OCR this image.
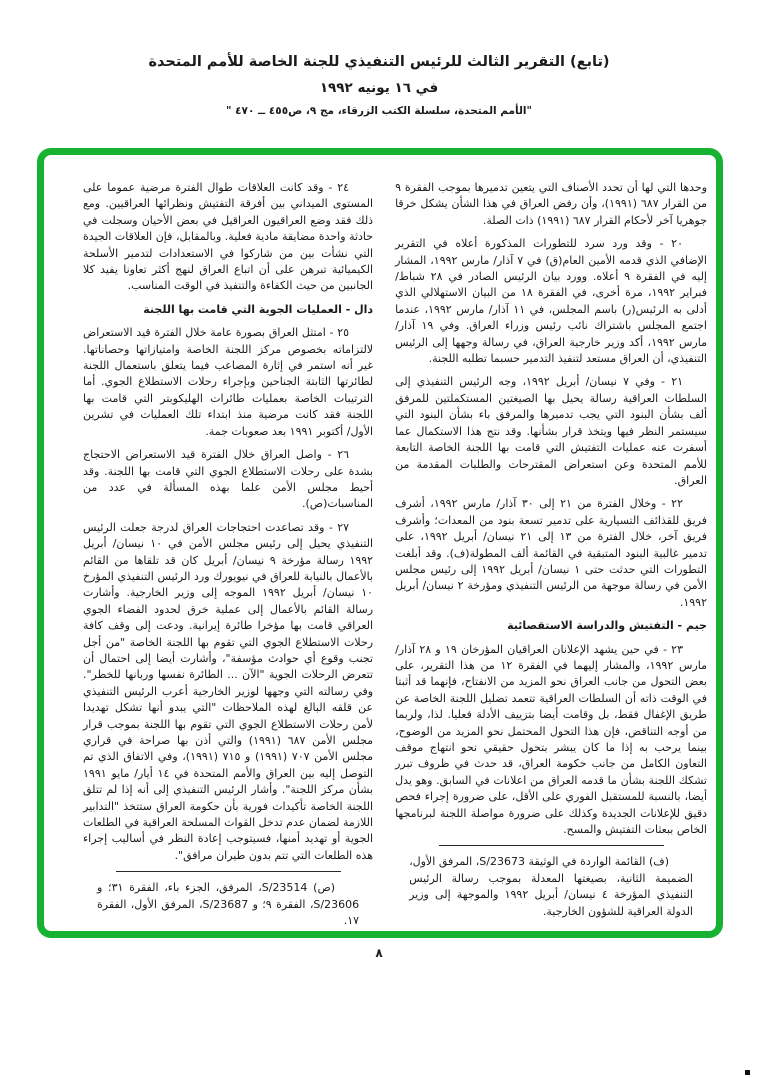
(تابع) التقرير الثالث للرئيس التنفيذي للجنة الخاصة للأمم المتحدة
في ١٦ يونيه ١٩٩٢
"الأمم المتحدة، سلسلة الكتب الزرقاء، مج ٩، ص٤٥٥ ــ ٤٧٠ "

وحدها التي لها أن تحدد الأصناف التي يتعين تدميرها بموجب الفقرة ٩ من القرار ٦٨٧ (١٩٩١)، وأن رفض العراق في هذا الشأن يشكل خرقا جوهريا آخر لأحكام القرار ٦٨٧ (١٩٩١) ذات الصلة.

٢٠ - وقد ورد سرد للتطورات المذكورة أعلاه في التقرير الإضافي الذي قدمه الأمين العام(ق) في ٧ آذار/ مارس ١٩٩٢، المشار إليه في الفقرة ٩ أعلاه. وورد بيان الرئيس الصادر في ٢٨ شباط/ فبراير ١٩٩٢، مرة أخرى، في الفقرة ١٨ من البيان الاستهلالي الذي أدلى به الرئيس(ر) باسم المجلس، في ١١ آذار/ مارس ١٩٩٢، عندما اجتمع المجلس باشتراك نائب رئيس وزراء العراق. وفي ١٩ آذار/ مارس ١٩٩٢، أكد وزير خارجية العراق، في رسالة وجهها إلى الرئيس التنفيذي، أن العراق مستعد لتنفيذ التدمير حسبما تطلبه اللجنة.

٢١ - وفي ٧ نيسان/ أبريل ١٩٩٢، وجه الرئيس التنفيذي إلى السلطات العراقية رسالة يحيل بها الصيغتين المستكملتين للمرفق ألف بشأن البنود التي يجب تدميرها والمرفق باء بشأن البنود التي سيستمر النظر فيها ويتخذ قرار بشأنها. وقد نتج هذا الاستكمال عما أسفرت عنه عمليات التفتيش التي قامت بها اللجنة الخاصة التابعة للأمم المتحدة وعن استعراض المقترحات والطلبات المقدمة من العراق.

٢٢ - وخلال الفترة من ٢١ إلى ٣٠ آذار/ مارس ١٩٩٢، أشرف فريق للقذائف التسيارية على تدمير تسعة بنود من المعدات؛ وأشرف فريق آخر، خلال الفترة من ١٣ إلى ٢١ نيسان/ أبريل ١٩٩٢، على تدمير غالبية البنود المتبقية في القائمة ألف المطولة(ف). وقد أبلغت التطورات التي حدثت حتى ١ نيسان/ أبريل ١٩٩٢ إلى رئيس مجلس الأمن في رسالة موجهة من الرئيس التنفيذي ومؤرخة ٢ نيسان/ أبريل ١٩٩٢.

جيم - التفتيش والدراسة الاستقصائية

٢٣ - في حين يشهد الإعلانان العراقيان المؤرخان ١٩ و ٢٨ آذار/ مارس ١٩٩٢، والمشار إليهما في الفقرة ١٢ من هذا التقرير، على بعض التحول من جانب العراق نحو المزيد من الانفتاح، فإنهما قد أثبتا في الوقت ذاته أن السلطات العراقية تتعمد تضليل اللجنة الخاصة عن طريق الإغفال فقط، بل وقامت أيضا بتزييف الأدلة فعليا. لذا، ولربما من أوجه التناقض، فإن هذا التحول المحتمل نحو المزيد من الوضوح، بينما يرحب به إذا ما كان يبشر بتحول حقيقي نحو انتهاج موقف التعاون الكامل من جانب حكومة العراق، قد حدث في ظروف تبرر تشكك اللجنة بشأن ما قدمه العراق من اعلانات في السابق. وهو يدل أيضا، بالنسبة للمستقبل الفوري على الأقل، على ضرورة إجراء فحص دقيق للإعلانات الجديدة وكذلك على ضرورة مواصلة اللجنة لبرنامجها الخاص ببعثات التفتيش والمسح.

(ف) القائمة الواردة في الوثيقة S/23673، المرفق الأول، الضميمة الثانية، بصيغتها المعدلة بموجب رسالة الرئيس التنفيذي المؤرخة ٤ نيسان/ أبريل ١٩٩٢ والموجهة إلى وزير الدولة العراقية للشؤون الخارجية.

٢٤ - وقد كانت العلاقات طوال الفترة مرضية عموما على المستوى الميداني بين أفرقة التفتيش ونظرائها العراقيين. ومع ذلك فقد وضع العراقيون العراقيل في بعض الأحيان وسجلت في حادثة واحدة مضايقة مادية فعلية. وبالمقابل، فإن العلاقات الجيدة التي نشأت بين من شاركوا في الاستعدادات لتدمير الأسلحة الكيميائية تبرهن على أن اتباع العراق لنهج أكثر تعاونا يفيد كلا الجانبين من حيث الكفاءة والتنفيذ في الوقت المناسب.

دال - العمليات الجوية التي قامت بها اللجنة

٢٥ - امتثل العراق بصورة عامة خلال الفترة قيد الاستعراض لالتزاماته بخصوص مركز اللجنة الخاصة وامتيازاتها وحصاناتها. غير أنه استمر في إثارة المصاعب فيما يتعلق باستعمال اللجنة لطائرتها الثابتة الجناحين وبإجراء رحلات الاستطلاع الجوي. أما الترتيبات الخاصة بعمليات طائرات الهليكوبتر التي قامت بها اللجنة فقد كانت مرضية منذ ابتداء تلك العمليات في تشرين الأول/ أكتوبر ١٩٩١ بعد صعوبات جمة.

٢٦ - واصل العراق خلال الفترة قيد الاستعراض الاحتجاج بشدة على رحلات الاستطلاع الجوي التي قامت بها اللجنة. وقد أحيط مجلس الأمن علما بهذه المسألة في عدد من المناسبات(ص).

٢٧ - وقد تصاعدت احتجاجات العراق لدرجة جعلت الرئيس التنفيذي يحيل إلى رئيس مجلس الأمن في ١٠ نيسان/ أبريل ١٩٩٢ رسالة مؤرخة ٩ نيسان/ أبريل كان قد تلقاها من القائم بالأعمال بالنيابة للعراق في نيويورك ورد الرئيس التنفيذي المؤرخ ١٠ نيسان/ أبريل ١٩٩٢ الموجه إلى وزير الخارجية. وأشارت رسالة القائم بالأعمال إلى عملية خرق لحدود الفضاء الجوي العراقي قامت بها مؤخرا طائرة إيرانية. ودعت إلى وقف كافة رحلات الاستطلاع الجوي التي تقوم بها اللجنة الخاصة "من أجل تجنب وقوع أي حوادث مؤسفة"، وأشارت أيضا إلى احتمال أن تتعرض الرحلات الجوية "الآن ... الطائرة نفسها وربانها للخطر". وفي رسالته التي وجهها لوزير الخارجية أعرب الرئيس التنفيذي عن قلقه البالغ لهذه الملاحظات "التي يبدو أنها تشكل تهديدا لأمن رحلات الاستطلاع الجوي التي تقوم بها اللجنة بموجب قرار مجلس الأمن ٦٨٧ (١٩٩١) والتي أذن بها صراحة في قراري مجلس الأمن ٧٠٧ (١٩٩١) و ٧١٥ (١٩٩١)، وفي الاتفاق الذي تم التوصل إليه بين العراق والأمم المتحدة في ١٤ أيار/ مايو ١٩٩١ بشأن مركز اللجنة". وأشار الرئيس التنفيذي إلى أنه إذا لم تتلق اللجنة الخاصة تأكيدات فورية بأن حكومة العراق ستتخذ "التدابير اللازمة لضمان عدم تدخل القوات المسلحة العراقية في الطلعات الجوية أو تهديد أمنها، فسيتوجب إعادة النظر في أساليب إجراء هذه الطلعات التي تتم بدون طيران مرافق".

(ص) S/23514، المرفق، الجزء باء، الفقرة ٣١؛ و S/23606، الفقرة ٩؛ و S/23687، المرفق الأول، الفقرة ١٧.

٨
